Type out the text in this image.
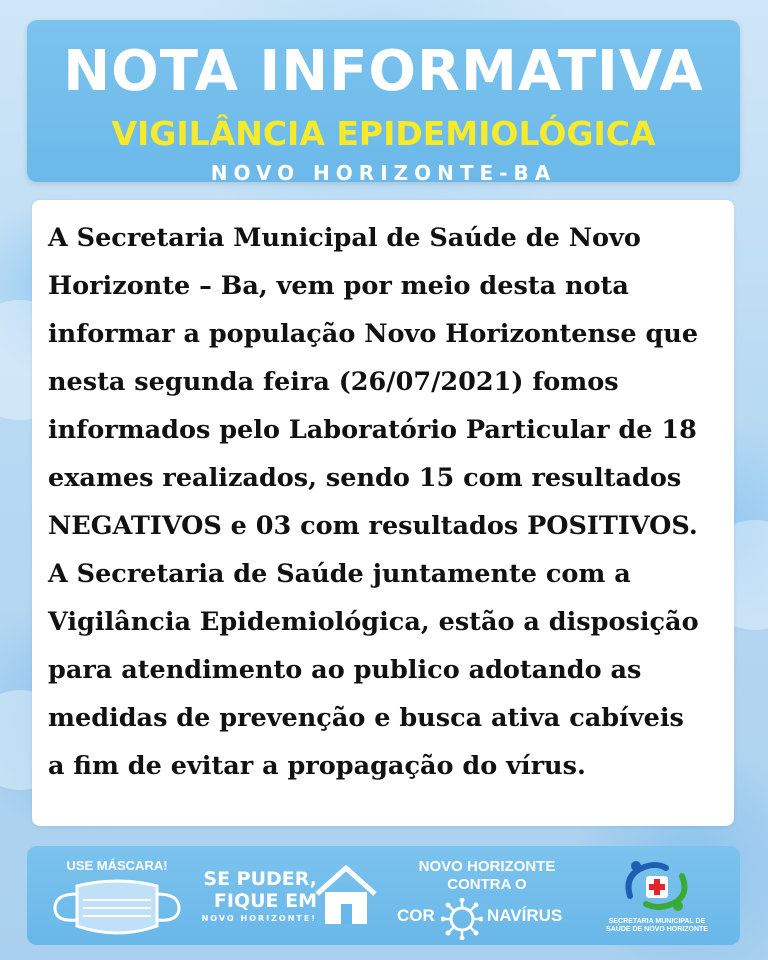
NOTA INFORMATIVA
VIGILÂNCIA EPIDEMIOLÓGICA
NOVO HORIZONTE-BA

A Secretaria Municipal de Saúde de Novo
Horizonte – Ba, vem por meio desta nota
informar a população Novo Horizontense que
nesta segunda feira (26/07/2021) fomos
informados pelo Laboratório Particular de 18
exames realizados, sendo 15 com resultados
NEGATIVOS e 03 com resultados POSITIVOS.
A Secretaria de Saúde juntamente com a
Vigilância Epidemiológica, estão a disposição
para atendimento ao publico adotando as
medidas de prevenção e busca ativa cabíveis
a fim de evitar a propagação do vírus.

USE MÁSCARA!
SE PUDER,
FIQUE EM
NOVO HORIZONTE!
NOVO HORIZONTE
CONTRA O
COR	NAVÍRUS	SECRETARIA MUNICIPAL DE
SAÚDE DE NOVO HORIZONTE
